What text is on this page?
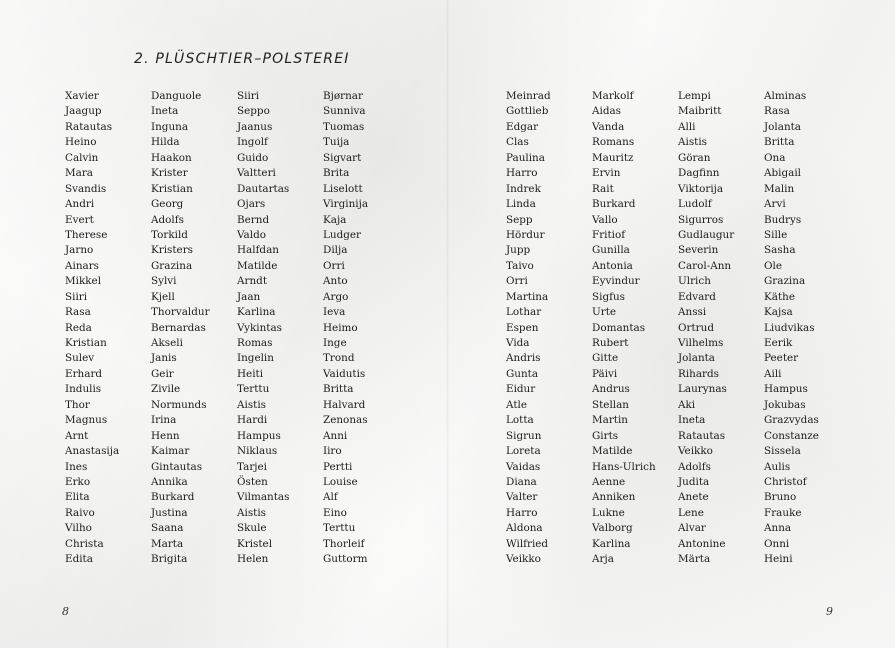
2. PLÜSCHTIER–POLSTEREI
Xavier
Jaagup
Ratautas
Heino
Calvin
Mara
Svandis
Andri
Evert
Therese
Jarno
Ainars
Mikkel
Siiri
Rasa
Reda
Kristian
Sulev
Erhard
Indulis
Thor
Magnus
Arnt
Anastasija
Ines
Erko
Elita
Raivo
Vilho
Christa
Edita
Danguole
Ineta
Inguna
Hilda
Haakon
Krister
Kristian
Georg
Adolfs
Torkild
Kristers
Grazina
Sylvi
Kjell
Thorvaldur
Bernardas
Akseli
Janis
Geir
Zivile
Normunds
Irina
Henn
Kaimar
Gintautas
Annika
Burkard
Justina
Saana
Marta
Brigita
Siiri
Seppo
Jaanus
Ingolf
Guido
Valtteri
Dautartas
Ojars
Bernd
Valdo
Halfdan
Matilde
Arndt
Jaan
Karlina
Vykintas
Romas
Ingelin
Heiti
Terttu
Aistis
Hardi
Hampus
Niklaus
Tarjei
Östen
Vilmantas
Aistis
Skule
Kristel
Helen
Bjørnar
Sunniva
Tuomas
Tuija
Sigvart
Brita
Liselott
Virginija
Kaja
Ludger
Dilja
Orri
Anto
Argo
Ieva
Heimo
Inge
Trond
Vaidutis
Britta
Halvard
Zenonas
Anni
Iiro
Pertti
Louise
Alf
Eino
Terttu
Thorleif
Guttorm
8
Meinrad
Gottlieb
Edgar
Clas
Paulina
Harro
Indrek
Linda
Sepp
Hördur
Jupp
Taivo
Orri
Martina
Lothar
Espen
Vida
Andris
Gunta
Eidur
Atle
Lotta
Sigrun
Loreta
Vaidas
Diana
Valter
Harro
Aldona
Wilfried
Veikko
Markolf
Aidas
Vanda
Romans
Mauritz
Ervin
Rait
Burkard
Vallo
Fritiof
Gunilla
Antonia
Eyvindur
Sigfus
Urte
Domantas
Rubert
Gitte
Päivi
Andrus
Stellan
Martin
Girts
Matilde
Hans-Ulrich
Aenne
Anniken
Lukne
Valborg
Karlina
Arja
Lempi
Maibritt
Alli
Aistis
Göran
Dagfinn
Viktorija
Ludolf
Sigurros
Gudlaugur
Severin
Carol-Ann
Ulrich
Edvard
Anssi
Ortrud
Vilhelms
Jolanta
Rihards
Laurynas
Aki
Ineta
Ratautas
Veikko
Adolfs
Judita
Anete
Lene
Alvar
Antonine
Märta
Alminas
Rasa
Jolanta
Britta
Ona
Abigail
Malin
Arvi
Budrys
Sille
Sasha
Ole
Grazina
Käthe
Kajsa
Liudvikas
Eerik
Peeter
Aili
Hampus
Jokubas
Grazvydas
Constanze
Sissela
Aulis
Christof
Bruno
Frauke
Anna
Onni
Heini
9
